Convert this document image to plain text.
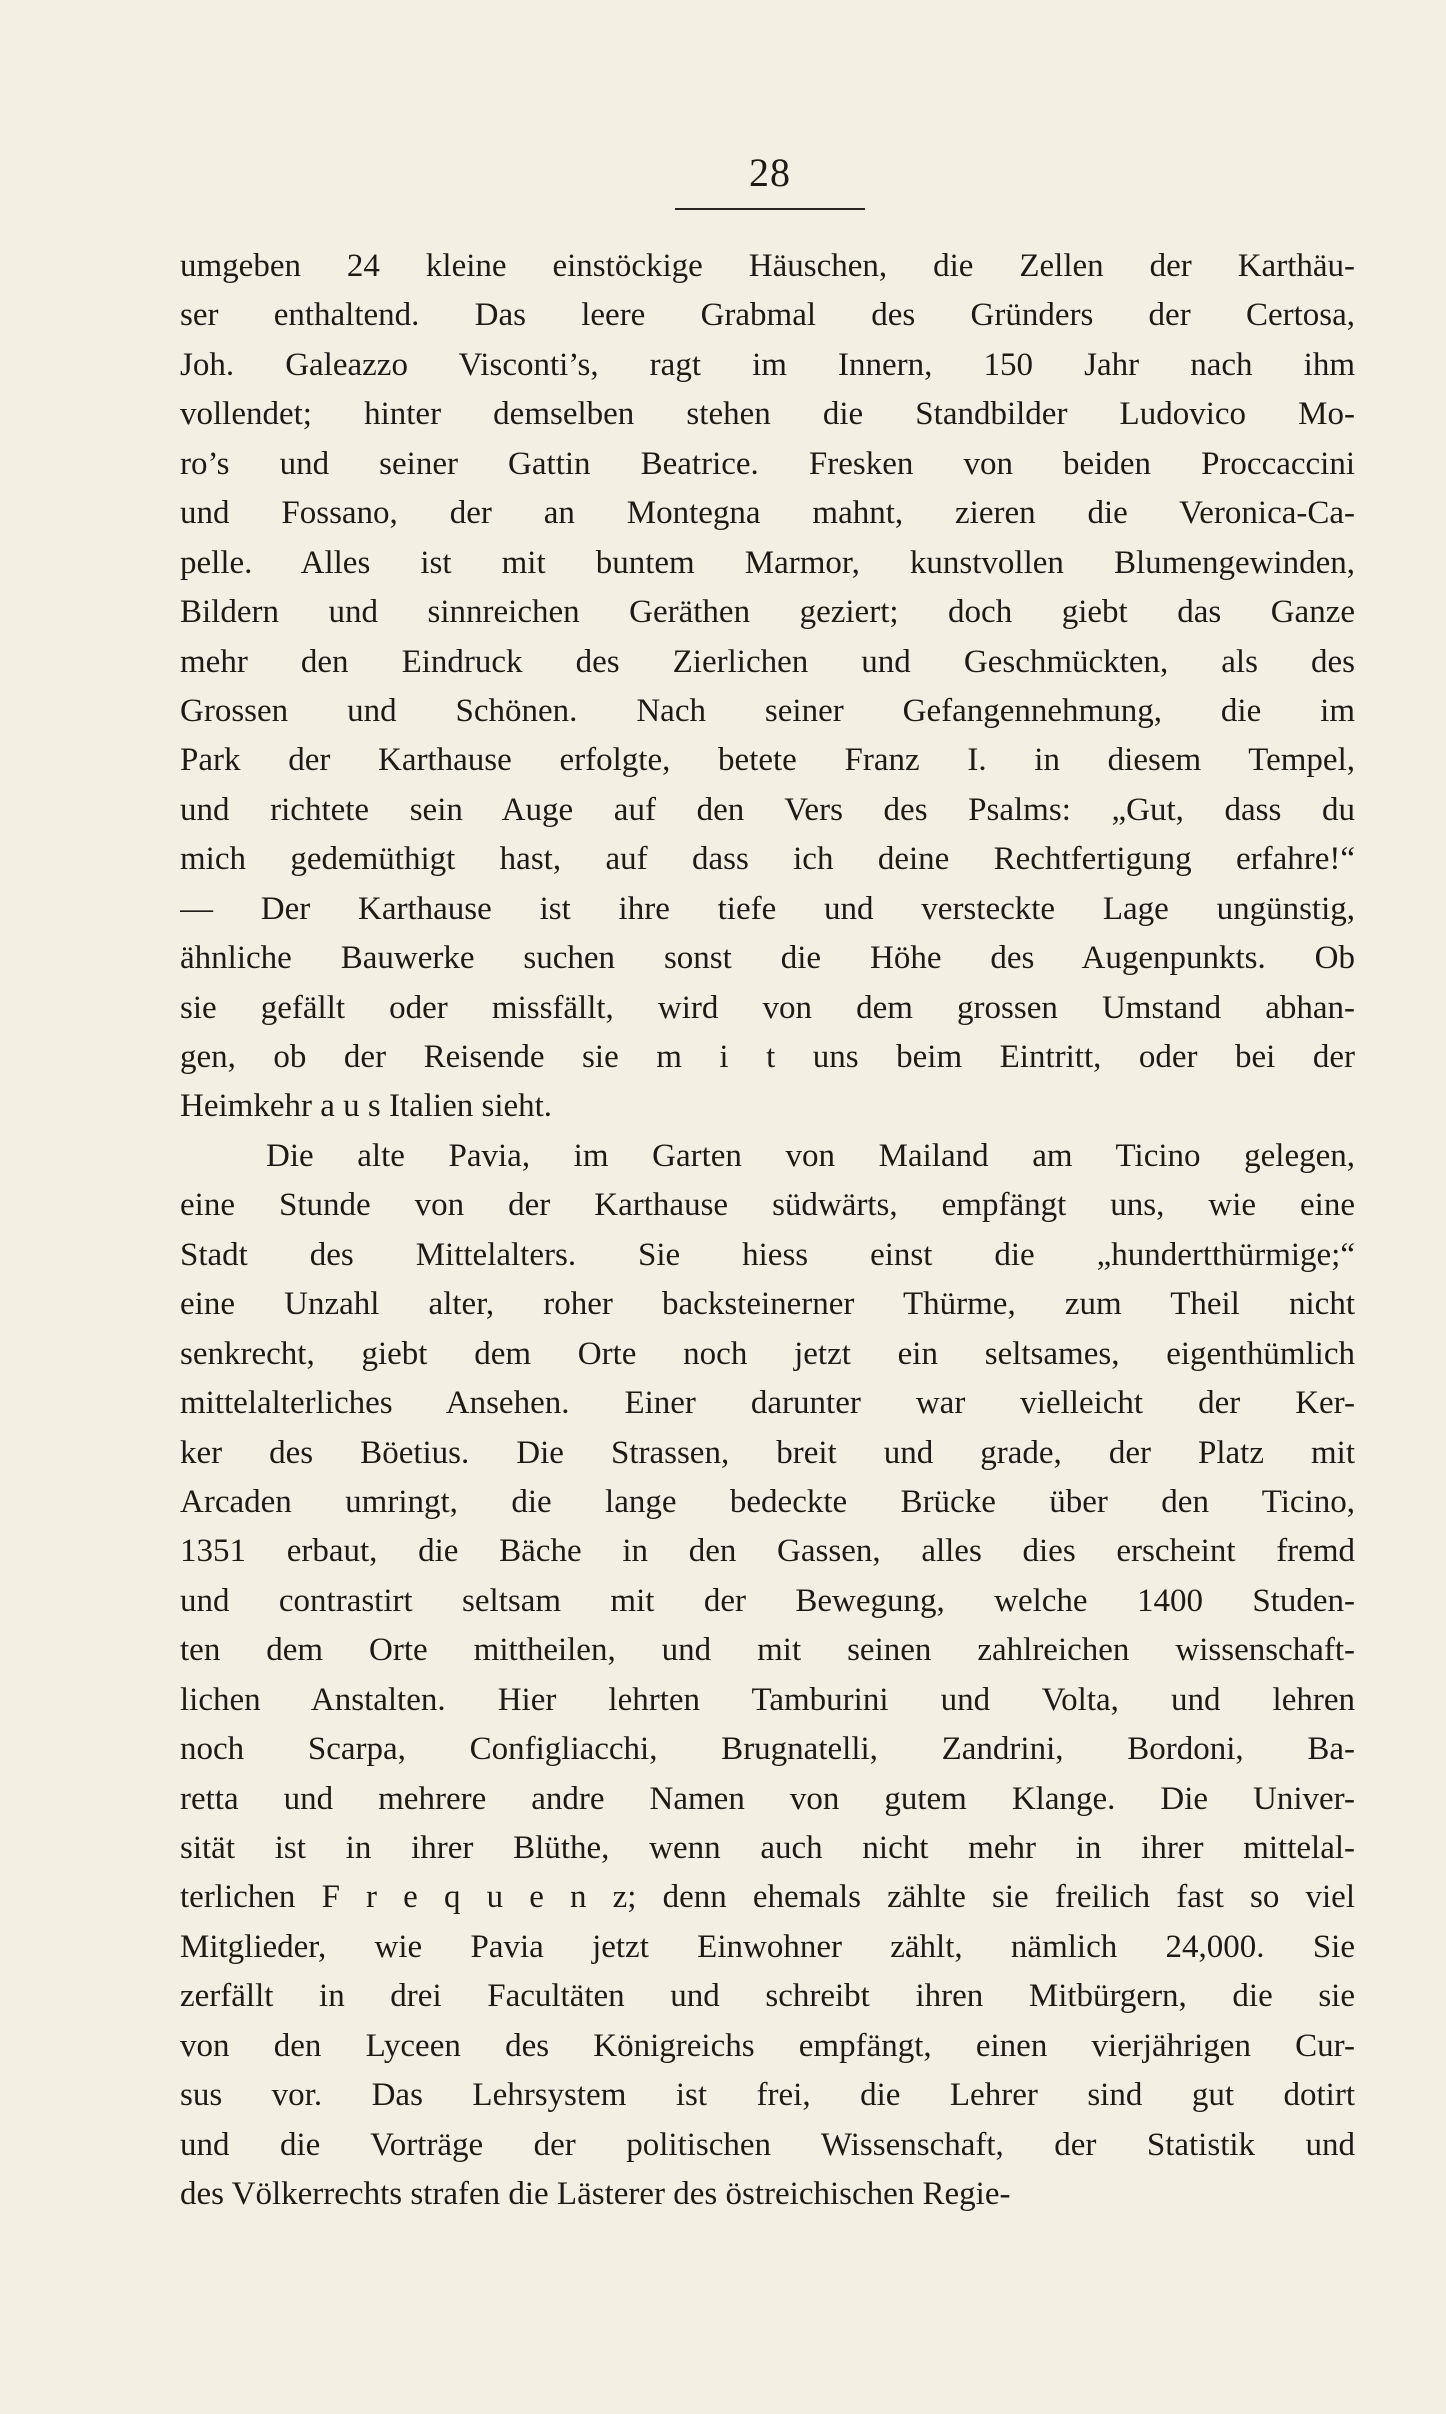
28
umgeben 24 kleine einstöckige Häuschen, die Zellen der Karthäu-
ser enthaltend. Das leere Grabmal des Gründers der Certosa,
Joh. Galeazzo Visconti’s, ragt im Innern, 150 Jahr nach ihm
vollendet; hinter demselben stehen die Standbilder Ludovico Mo-
ro’s und seiner Gattin Beatrice. Fresken von beiden Proccaccini
und Fossano, der an Montegna mahnt, zieren die Veronica-Ca-
pelle. Alles ist mit buntem Marmor, kunstvollen Blumengewinden,
Bildern und sinnreichen Geräthen geziert; doch giebt das Ganze
mehr den Eindruck des Zierlichen und Geschmückten, als des
Grossen und Schönen. Nach seiner Gefangennehmung, die im
Park der Karthause erfolgte, betete Franz I. in diesem Tempel,
und richtete sein Auge auf den Vers des Psalms: „Gut, dass du
mich gedemüthigt hast, auf dass ich deine Rechtfertigung erfahre!“
— Der Karthause ist ihre tiefe und versteckte Lage ungünstig,
ähnliche Bauwerke suchen sonst die Höhe des Augenpunkts. Ob
sie gefällt oder missfällt, wird von dem grossen Umstand abhan-
gen, ob der Reisende sie m i t uns beim Eintritt, oder bei der
Heimkehr a u s Italien sieht.
Die alte Pavia, im Garten von Mailand am Ticino gelegen,
eine Stunde von der Karthause südwärts, empfängt uns, wie eine
Stadt des Mittelalters. Sie hiess einst die „hundertthürmige;“
eine Unzahl alter, roher backsteinerner Thürme, zum Theil nicht
senkrecht, giebt dem Orte noch jetzt ein seltsames, eigenthümlich
mittelalterliches Ansehen. Einer darunter war vielleicht der Ker-
ker des Böetius. Die Strassen, breit und grade, der Platz mit
Arcaden umringt, die lange bedeckte Brücke über den Ticino,
1351 erbaut, die Bäche in den Gassen, alles dies erscheint fremd
und contrastirt seltsam mit der Bewegung, welche 1400 Studen-
ten dem Orte mittheilen, und mit seinen zahlreichen wissenschaft-
lichen Anstalten. Hier lehrten Tamburini und Volta, und lehren
noch Scarpa, Configliacchi, Brugnatelli, Zandrini, Bordoni, Ba-
retta und mehrere andre Namen von gutem Klange. Die Univer-
sität ist in ihrer Blüthe, wenn auch nicht mehr in ihrer mittelal-
terlichen F r e q u e n z; denn ehemals zählte sie freilich fast so viel
Mitglieder, wie Pavia jetzt Einwohner zählt, nämlich 24,000. Sie
zerfällt in drei Facultäten und schreibt ihren Mitbürgern, die sie
von den Lyceen des Königreichs empfängt, einen vierjährigen Cur-
sus vor. Das Lehrsystem ist frei, die Lehrer sind gut dotirt
und die Vorträge der politischen Wissenschaft, der Statistik und
des Völkerrechts strafen die Lästerer des östreichischen Regie-
